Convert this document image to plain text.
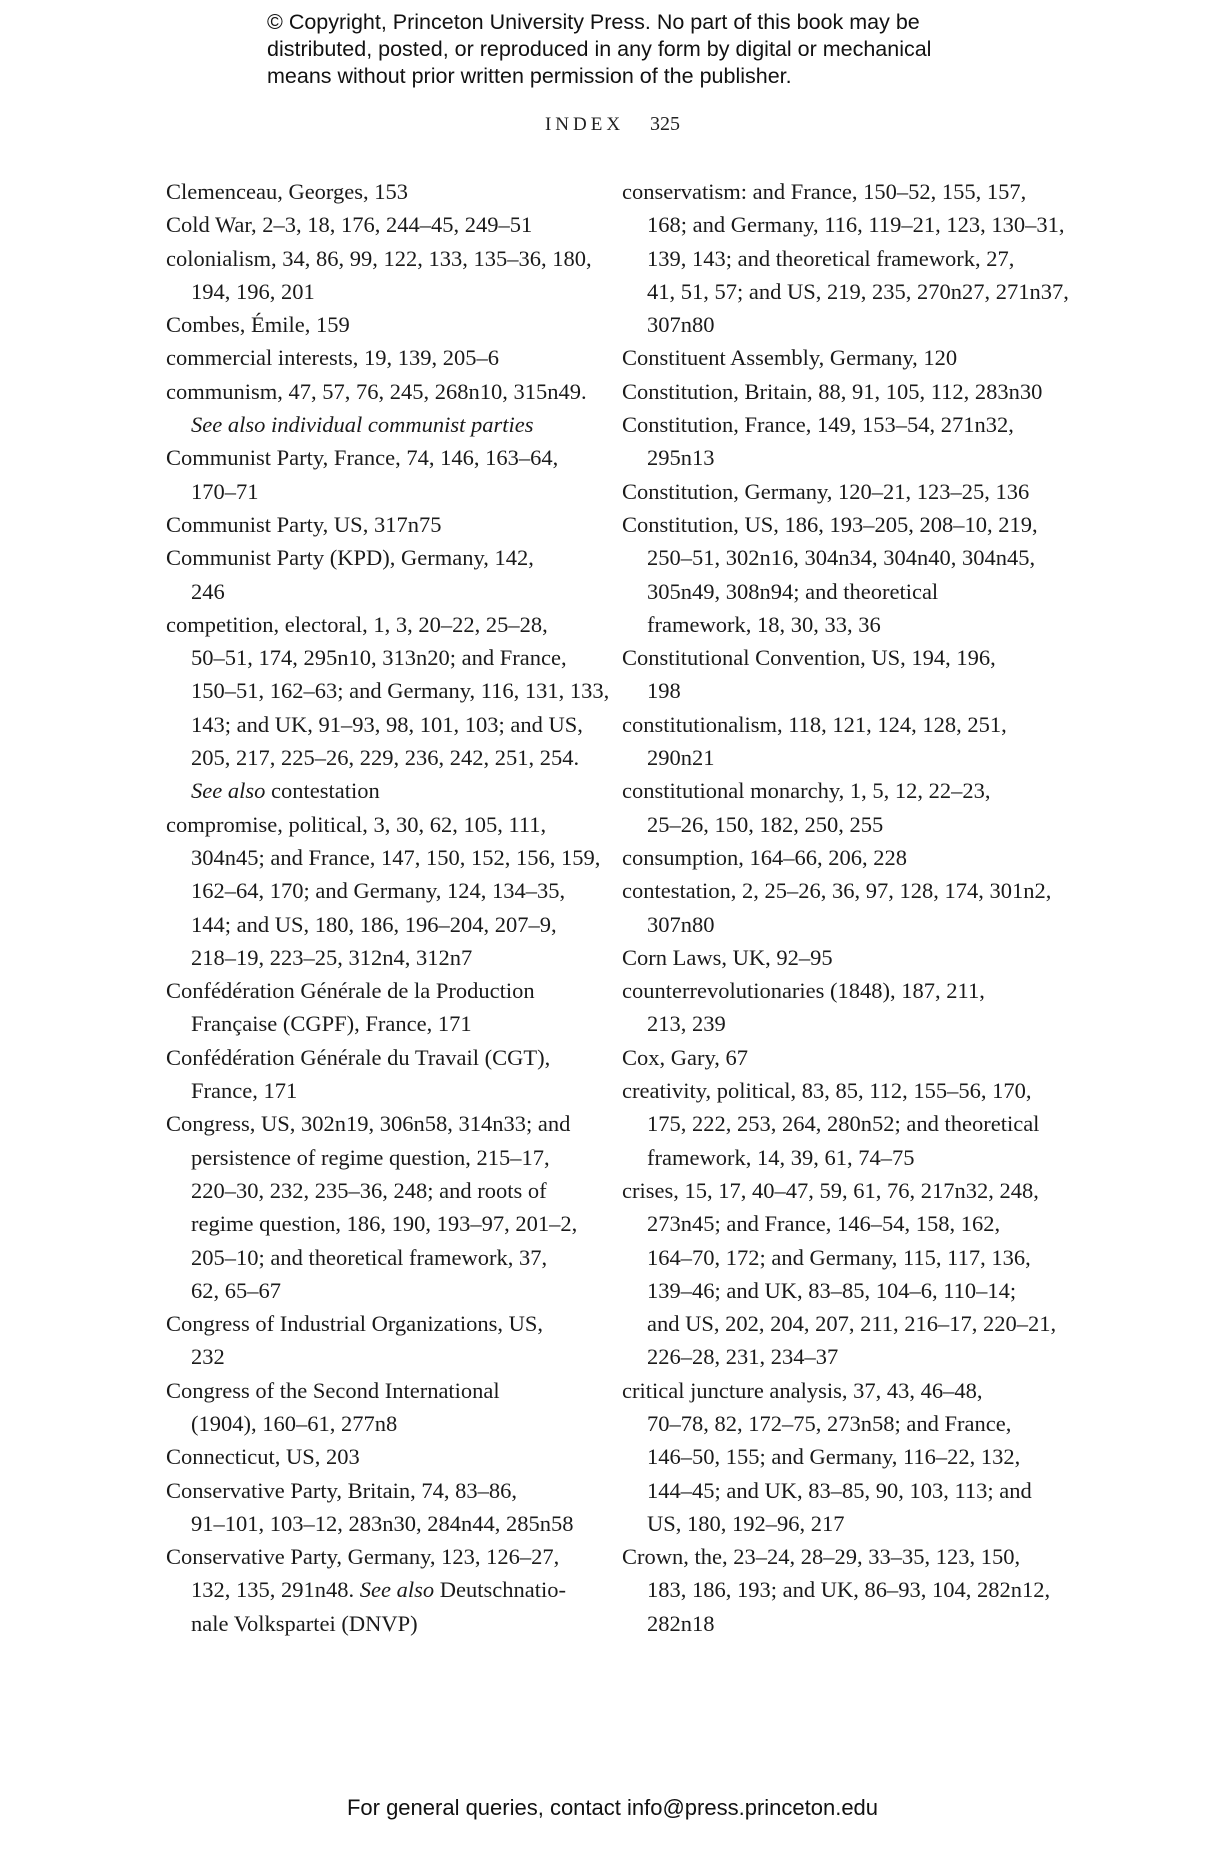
© Copyright, Princeton University Press. No part of this book may be
distributed, posted, or reproduced in any form by digital or mechanical
means without prior written permission of the publisher.
INDEX 325
Clemenceau, Georges, 153
Cold War, 2–3, 18, 176, 244–45, 249–51
colonialism, 34, 86, 99, 122, 133, 135–36, 180,
194, 196, 201
Combes, Émile, 159
commercial interests, 19, 139, 205–6
communism, 47, 57, 76, 245, 268n10, 315n49.
See also individual communist parties
Communist Party, France, 74, 146, 163–64,
170–71
Communist Party, US, 317n75
Communist Party (KPD), Germany, 142,
246
competition, electoral, 1, 3, 20–22, 25–28,
50–51, 174, 295n10, 313n20; and France,
150–51, 162–63; and Germany, 116, 131, 133,
143; and UK, 91–93, 98, 101, 103; and US,
205, 217, 225–26, 229, 236, 242, 251, 254.
See also contestation
compromise, political, 3, 30, 62, 105, 111,
304n45; and France, 147, 150, 152, 156, 159,
162–64, 170; and Germany, 124, 134–35,
144; and US, 180, 186, 196–204, 207–9,
218–19, 223–25, 312n4, 312n7
Confédération Générale de la Production
Française (CGPF), France, 171
Confédération Générale du Travail (CGT),
France, 171
Congress, US, 302n19, 306n58, 314n33; and
persistence of regime question, 215–17,
220–30, 232, 235–36, 248; and roots of
regime question, 186, 190, 193–97, 201–2,
205–10; and theoretical framework, 37,
62, 65–67
Congress of Industrial Organizations, US,
232
Congress of the Second International
(1904), 160–61, 277n8
Connecticut, US, 203
Conservative Party, Britain, 74, 83–86,
91–101, 103–12, 283n30, 284n44, 285n58
Conservative Party, Germany, 123, 126–27,
132, 135, 291n48. See also Deutschnatio-
nale Volkspartei (DNVP)
conservatism: and France, 150–52, 155, 157,
168; and Germany, 116, 119–21, 123, 130–31,
139, 143; and theoretical framework, 27,
41, 51, 57; and US, 219, 235, 270n27, 271n37,
307n80
Constituent Assembly, Germany, 120
Constitution, Britain, 88, 91, 105, 112, 283n30
Constitution, France, 149, 153–54, 271n32,
295n13
Constitution, Germany, 120–21, 123–25, 136
Constitution, US, 186, 193–205, 208–10, 219,
250–51, 302n16, 304n34, 304n40, 304n45,
305n49, 308n94; and theoretical
framework, 18, 30, 33, 36
Constitutional Convention, US, 194, 196,
198
constitutionalism, 118, 121, 124, 128, 251,
290n21
constitutional monarchy, 1, 5, 12, 22–23,
25–26, 150, 182, 250, 255
consumption, 164–66, 206, 228
contestation, 2, 25–26, 36, 97, 128, 174, 301n2,
307n80
Corn Laws, UK, 92–95
counterrevolutionaries (1848), 187, 211,
213, 239
Cox, Gary, 67
creativity, political, 83, 85, 112, 155–56, 170,
175, 222, 253, 264, 280n52; and theoretical
framework, 14, 39, 61, 74–75
crises, 15, 17, 40–47, 59, 61, 76, 217n32, 248,
273n45; and France, 146–54, 158, 162,
164–70, 172; and Germany, 115, 117, 136,
139–46; and UK, 83–85, 104–6, 110–14;
and US, 202, 204, 207, 211, 216–17, 220–21,
226–28, 231, 234–37
critical juncture analysis, 37, 43, 46–48,
70–78, 82, 172–75, 273n58; and France,
146–50, 155; and Germany, 116–22, 132,
144–45; and UK, 83–85, 90, 103, 113; and
US, 180, 192–96, 217
Crown, the, 23–24, 28–29, 33–35, 123, 150,
183, 186, 193; and UK, 86–93, 104, 282n12,
282n18
For general queries, contact info@press.princeton.edu
